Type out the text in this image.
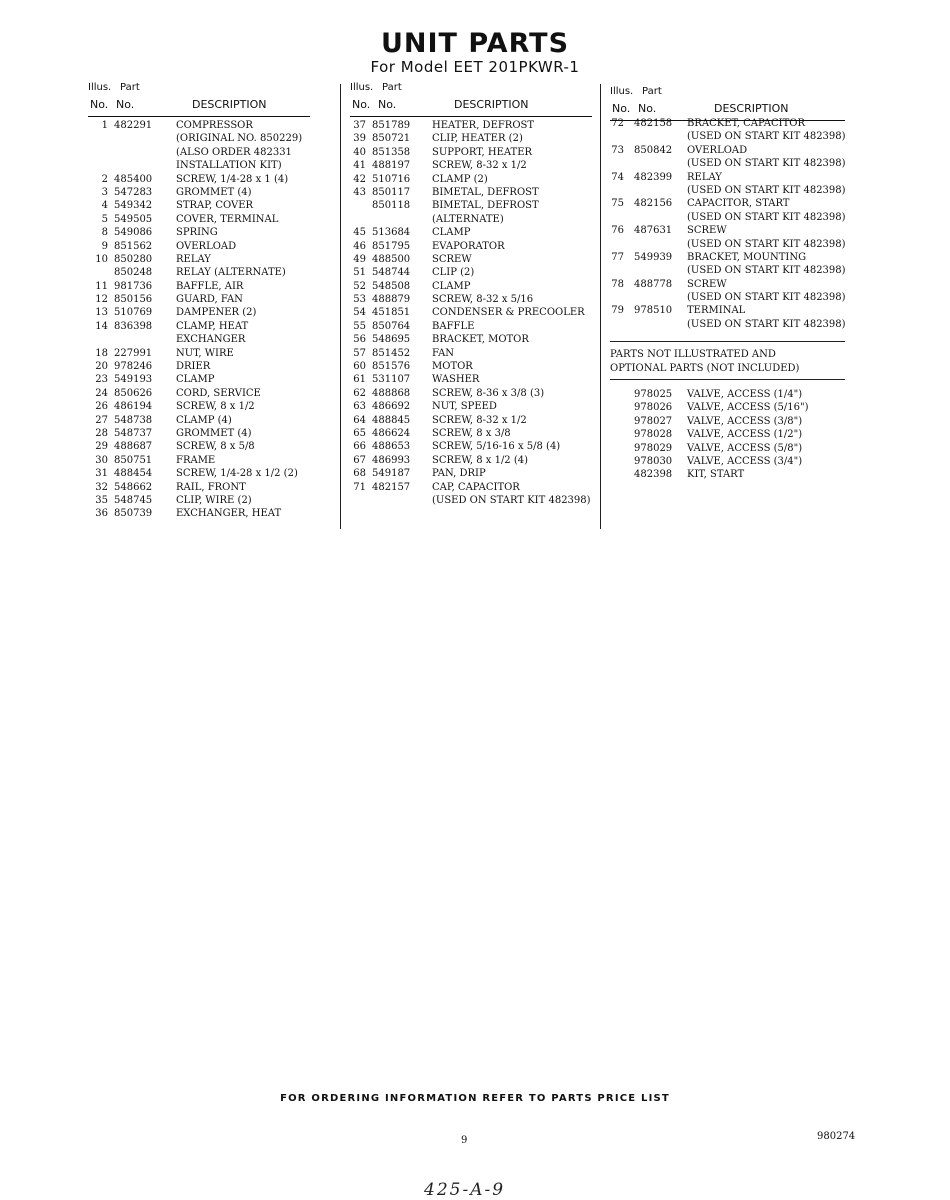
UNIT PARTS
For Model EET 201PKWR-1
Illus. Part
No. No.	DESCRIPTION
1 482291 COMPRESSOR
(ORIGINAL NO. 850229)
(ALSO ORDER 482331
INSTALLATION KIT)
2 485400 SCREW, 1/4-28 x 1 (4)
3 547283 GROMMET (4)
4 549342 STRAP, COVER
5 549505 COVER, TERMINAL
8 549086 SPRING
9 851562 OVERLOAD
10 850280 RELAY
850248 RELAY (ALTERNATE)
11 981736 BAFFLE, AIR
12 850156 GUARD, FAN
13 510769 DAMPENER (2)
14 836398 CLAMP, HEAT
EXCHANGER
18 227991 NUT, WIRE
20 978246 DRIER
23 549193 CLAMP
24 850626 CORD, SERVICE
26 486194 SCREW, 8 x 1/2
27 548738 CLAMP (4)
28 548737 GROMMET (4)
29 488687 SCREW, 8 x 5/8
30 850751 FRAME
31 488454 SCREW, 1/4-28 x 1/2 (2)
32 548662 RAIL, FRONT
35 548745 CLIP, WIRE (2)
36 850739 EXCHANGER, HEAT
Illus. Part
No. No.	DESCRIPTION
37 851789 HEATER, DEFROST
39 850721 CLIP, HEATER (2)
40 851358 SUPPORT, HEATER
41 488197 SCREW, 8-32 x 1/2
42 510716 CLAMP (2)
43 850117 BIMETAL, DEFROST
850118 BIMETAL, DEFROST
(ALTERNATE)
45 513684 CLAMP
46 851795 EVAPORATOR
49 488500 SCREW
51 548744 CLIP (2)
52 548508 CLAMP
53 488879 SCREW, 8-32 x 5/16
54 451851 CONDENSER & PRECOOLER
55 850764 BAFFLE
56 548695 BRACKET, MOTOR
57 851452 FAN
60 851576 MOTOR
61 531107 WASHER
62 488868 SCREW, 8-36 x 3/8 (3)
63 486692 NUT, SPEED
64 488845 SCREW, 8-32 x 1/2
65 486624 SCREW, 8 x 3/8
66 488653 SCREW, 5/16-16 x 5/8 (4)
67 486993 SCREW, 8 x 1/2 (4)
68 549187 PAN, DRIP
71 482157 CAP, CAPACITOR
(USED ON START KIT 482398)
Illus. Part
No. No.	DESCRIPTION
72 482158 BRACKET, CAPACITOR
(USED ON START KIT 482398)
73 850842 OVERLOAD
(USED ON START KIT 482398)
74 482399 RELAY
(USED ON START KIT 482398)
75 482156 CAPACITOR, START
(USED ON START KIT 482398)
76 487631 SCREW
(USED ON START KIT 482398)
77 549939 BRACKET, MOUNTING
(USED ON START KIT 482398)
78 488778 SCREW
(USED ON START KIT 482398)
79 978510 TERMINAL
(USED ON START KIT 482398)
PARTS NOT ILLUSTRATED AND
OPTIONAL PARTS (NOT INCLUDED)
978025 VALVE, ACCESS (1/4")
978026 VALVE, ACCESS (5/16")
978027 VALVE, ACCESS (3/8")
978028 VALVE, ACCESS (1/2")
978029 VALVE, ACCESS (5/8")
978030 VALVE, ACCESS (3/4")
482398 KIT, START
FOR ORDERING INFORMATION REFER TO PARTS PRICE LIST
9	980274
425-A-9
